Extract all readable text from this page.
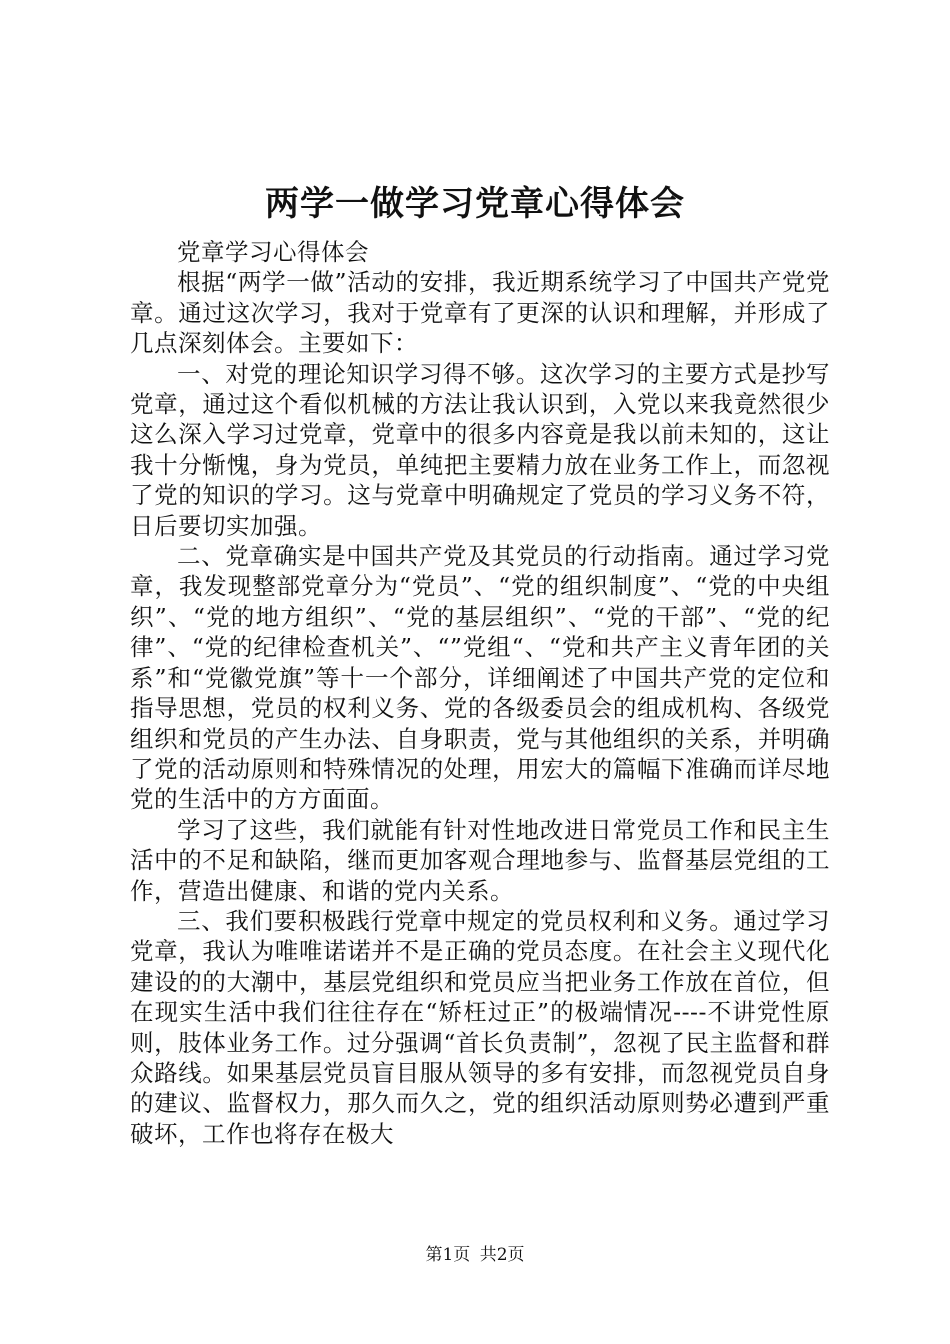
两学一做学习党章心得体会

党章学习心得体会

根据“两学一做”活动的安排，我近期系统学习了中国共产党党章。通过这次学习，我对于党章有了更深的认识和理解，并形成了几点深刻体会。主要如下：

一、对党的理论知识学习得不够。这次学习的主要方式是抄写党章，通过这个看似机械的方法让我认识到，入党以来我竟然很少这么深入学习过党章，党章中的很多内容竟是我以前未知的，这让我十分惭愧，身为党员，单纯把主要精力放在业务工作上，而忽视了党的知识的学习。这与党章中明确规定了党员的学习义务不符，日后要切实加强。

二、党章确实是中国共产党及其党员的行动指南。通过学习党章，我发现整部党章分为“党员”、“党的组织制度”、“党的中央组织”、“党的地方组织”、“党的基层组织”、“党的干部”、“党的纪律”、“党的纪律检查机关”、“”党组“、“党和共产主义青年团的关系”和“党徽党旗”等十一个部分，详细阐述了中国共产党的定位和指导思想，党员的权利义务、党的各级委员会的组成机构、各级党组织和党员的产生办法、自身职责，党与其他组织的关系，并明确了党的活动原则和特殊情况的处理，用宏大的篇幅下准确而详尽地党的生活中的方方面面。

学习了这些，我们就能有针对性地改进日常党员工作和民主生活中的不足和缺陷，继而更加客观合理地参与、监督基层党组的工作，营造出健康、和谐的党内关系。

三、我们要积极践行党章中规定的党员权利和义务。通过学习党章，我认为唯唯诺诺并不是正确的党员态度。在社会主义现代化建设的的大潮中，基层党组织和党员应当把业务工作放在首位，但在现实生活中我们往往存在“矫枉过正”的极端情况----不讲党性原则，肢体业务工作。过分强调“首长负责制”，忽视了民主监督和群众路线。如果基层党员盲目服从领导的多有安排，而忽视党员自身的建议、监督权力，那久而久之，党的组织活动原则势必遭到严重破坏，工作也将存在极大

第1页 共2页
